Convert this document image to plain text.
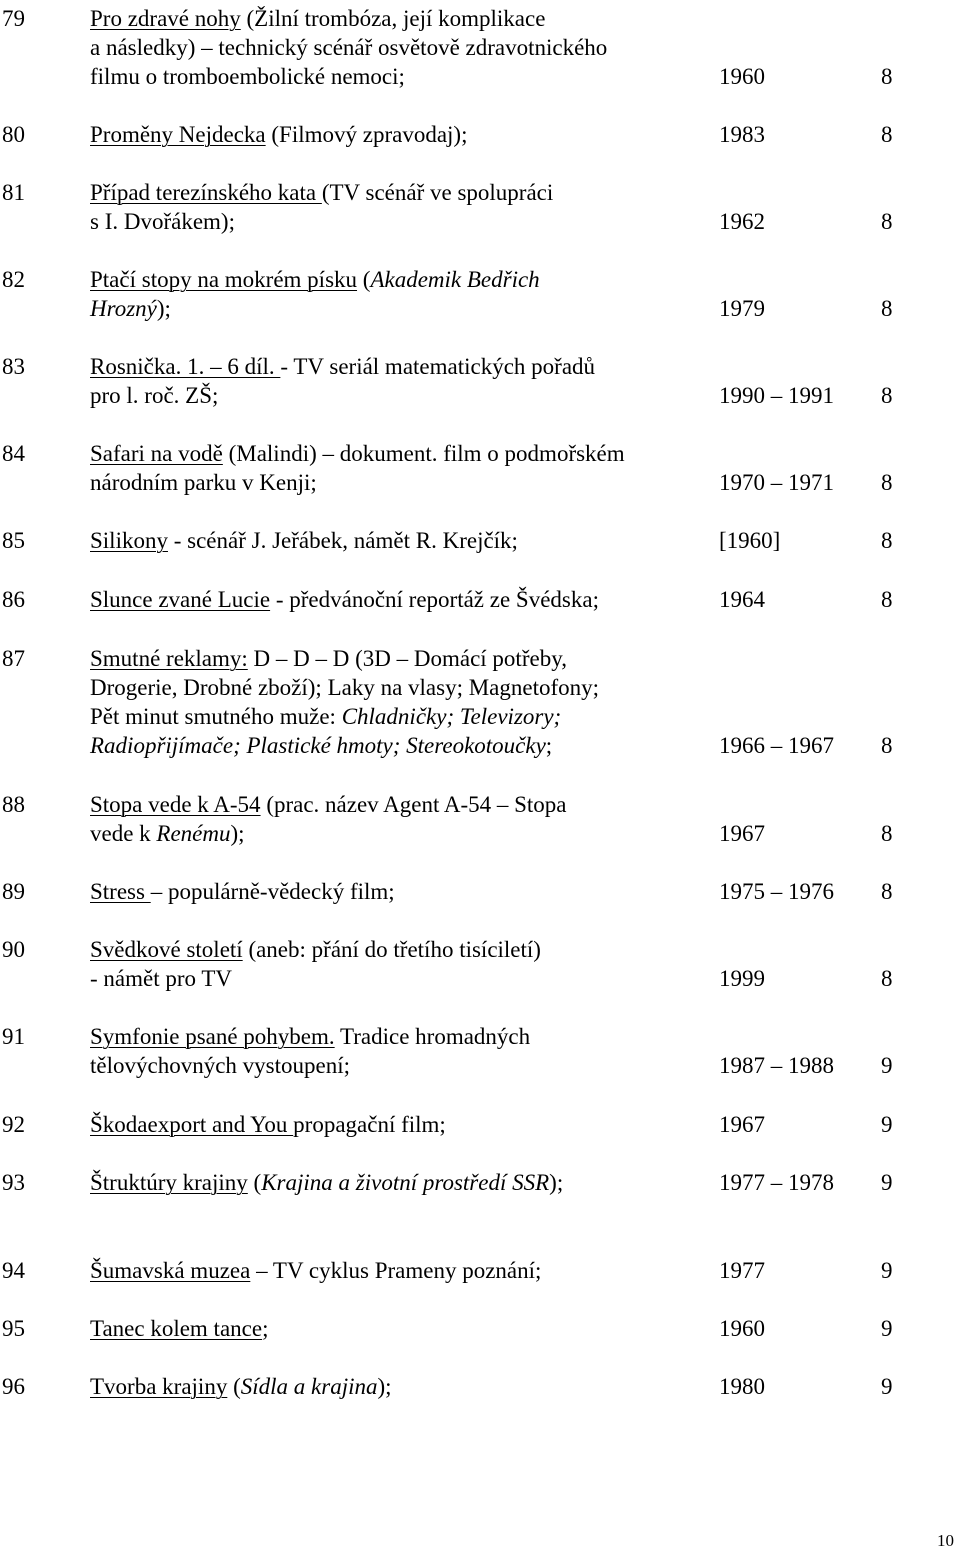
79	Pro zdravé nohy (Žilní trombóza, její komplikace
a následky) – technický scénář osvětově zdravotnického
filmu o tromboembolické nemoci;	1960	8
80	Proměny Nejdecka (Filmový zpravodaj);	1983	8
81	Případ terezínského kata (TV scénář ve spolupráci
s I. Dvořákem);	1962	8
82	Ptačí stopy na mokrém písku (Akademik Bedřich
Hrozný);	1979	8
83	Rosnička. 1. – 6 díl. - TV seriál matematických pořadů
pro l. roč. ZŠ;	1990 – 1991 8
84	Safari na vodě (Malindi) – dokument. film o podmořském
národním parku v Kenji;	1970 – 1971 8
85	Silikony - scénář J. Jeřábek, námět R. Krejčík;	[1960]	8
86	Slunce zvané Lucie - předvánoční reportáž ze Švédska;	1964	8
87	Smutné reklamy: D – D – D (3D – Domácí potřeby,
Drogerie, Drobné zboží); Laky na vlasy; Magnetofony;
Pět minut smutného muže: Chladničky; Televizory;
Radiopřijímače; Plastické hmoty; Stereokotoučky;	1966 – 1967 8
88	Stopa vede k A-54 (prac. název Agent A-54 – Stopa
vede k Renému);	1967	8
89	Stress – populárně-vědecký film;	1975 – 1976 8
90	Svědkové století (aneb: přání do třetího tisíciletí)
- námět pro TV	1999	8
91	Symfonie psané pohybem. Tradice hromadných
tělovýchovných vystoupení;	1987 – 1988 9
92	Škodaexport and You propagační film;	1967	9
93	Štruktúry krajiny (Krajina a životní prostředí SSR);	1977 – 1978 9
94	Šumavská muzea – TV cyklus Prameny poznání;	1977	9
95	Tanec kolem tance;	1960	9
96	Tvorba krajiny (Sídla a krajina);	1980	9
10
